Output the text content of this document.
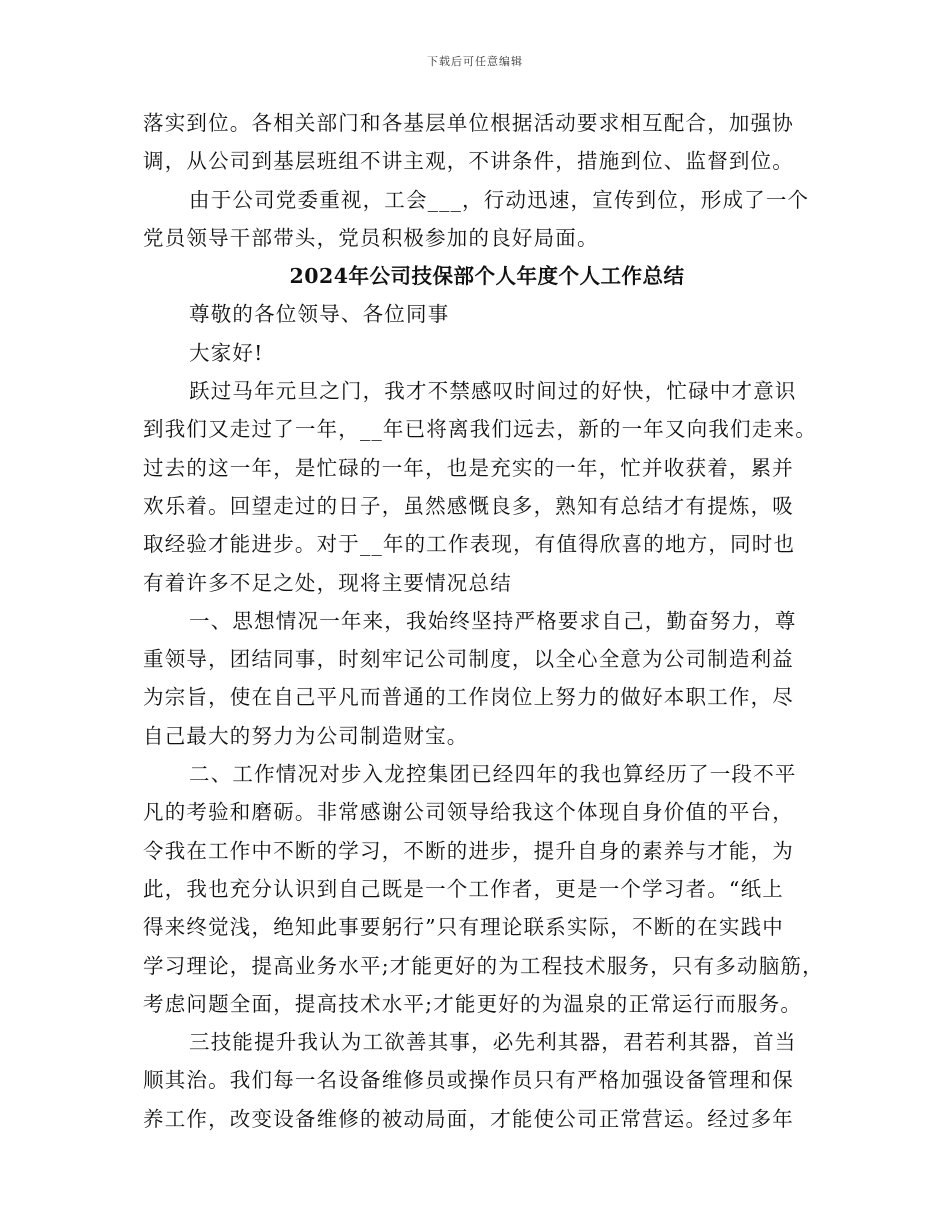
下载后可任意编辑
落实到位。各相关部门和各基层单位根据活动要求相互配合，加强协
调，从公司到基层班组不讲主观，不讲条件，措施到位、监督到位。
由于公司党委重视，工会___，行动迅速，宣传到位，形成了一个
党员领导干部带头，党员积极参加的良好局面。
2024年公司技保部个人年度个人工作总结
尊敬的各位领导、各位同事
大家好!
跃过马年元旦之门，我才不禁感叹时间过的好快，忙碌中才意识
到我们又走过了一年，__年已将离我们远去，新的一年又向我们走来。
过去的这一年，是忙碌的一年，也是充实的一年，忙并收获着，累并
欢乐着。回望走过的日子，虽然感慨良多，熟知有总结才有提炼，吸
取经验才能进步。对于__年的工作表现，有值得欣喜的地方，同时也
有着许多不足之处，现将主要情况总结
一、思想情况一年来，我始终坚持严格要求自己，勤奋努力，尊
重领导，团结同事，时刻牢记公司制度，以全心全意为公司制造利益
为宗旨，使在自己平凡而普通的工作岗位上努力的做好本职工作，尽
自己最大的努力为公司制造财宝。
二、工作情况对步入龙控集团已经四年的我也算经历了一段不平
凡的考验和磨砺。非常感谢公司领导给我这个体现自身价值的平台，
令我在工作中不断的学习，不断的进步，提升自身的素养与才能，为
此，我也充分认识到自己既是一个工作者，更是一个学习者。“纸上
得来终觉浅，绝知此事要躬行”只有理论联系实际，不断的在实践中
学习理论，提高业务水平;才能更好的为工程技术服务，只有多动脑筋，
考虑问题全面，提高技术水平;才能更好的为温泉的正常运行而服务。
三技能提升我认为工欲善其事，必先利其器，君若利其器，首当
顺其治。我们每一名设备维修员或操作员只有严格加强设备管理和保
养工作，改变设备维修的被动局面，才能使公司正常营运。经过多年
